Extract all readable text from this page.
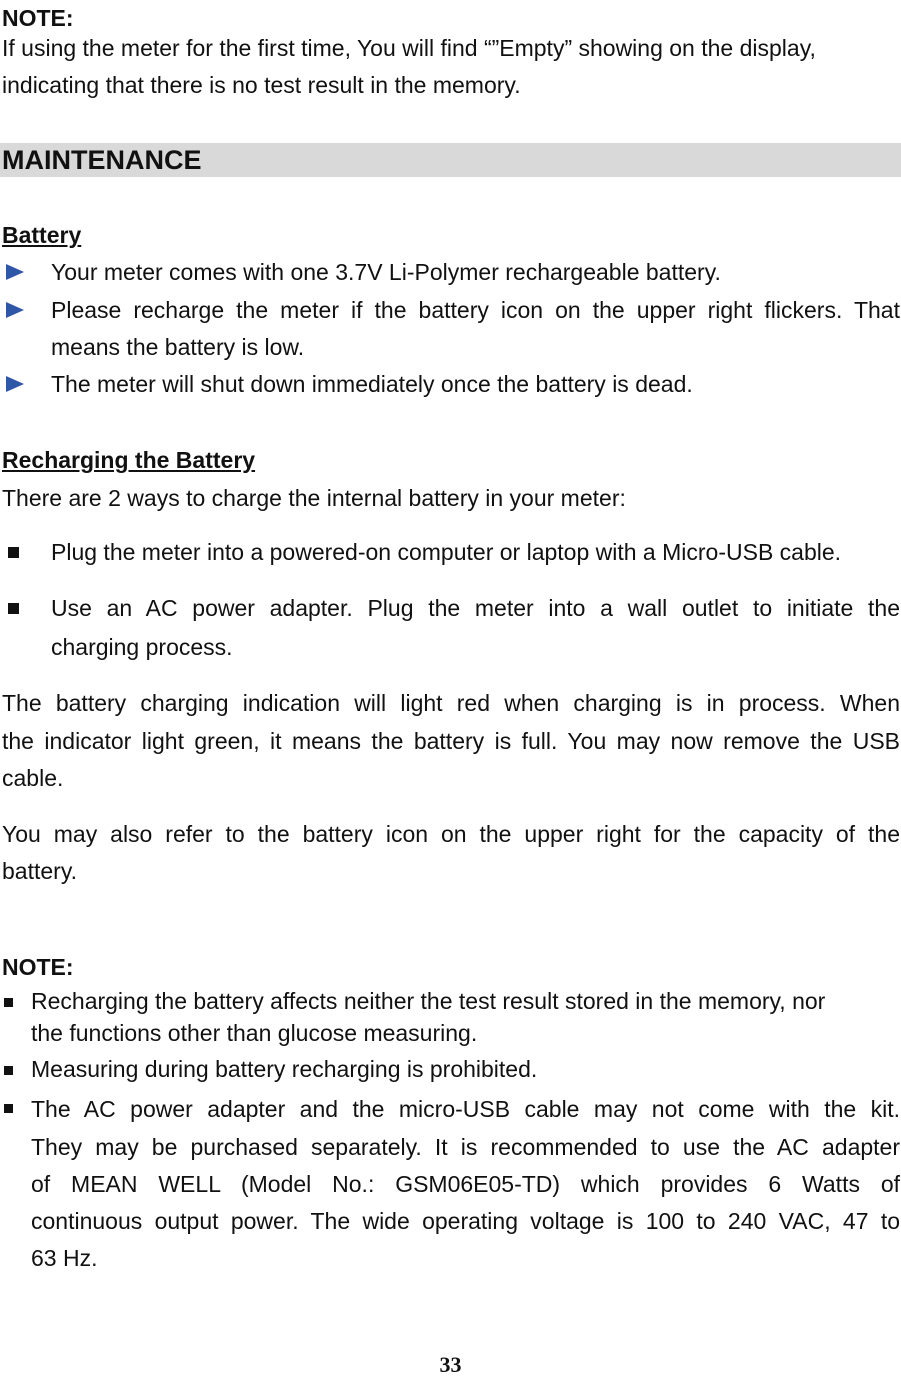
NOTE:
If using the meter for the first time, You will find “”Empty” showing on the display,
indicating that there is no test result in the memory.
MAINTENANCE
Battery
Your meter comes with one 3.7V Li-Polymer rechargeable battery.
Please recharge the meter if the battery icon on the upper right flickers. That
means the battery is low.
The meter will shut down immediately once the battery is dead.
Recharging the Battery
There are 2 ways to charge the internal battery in your meter:
Plug the meter into a powered-on computer or laptop with a Micro-USB cable.
Use an AC power adapter. Plug the meter into a wall outlet to initiate the
charging process.
The battery charging indication will light red when charging is in process. When
the indicator light green, it means the battery is full. You may now remove the USB
cable.
You may also refer to the battery icon on the upper right for the capacity of the
battery.
NOTE:
Recharging the battery affects neither the test result stored in the memory, nor
the functions other than glucose measuring.
Measuring during battery recharging is prohibited.
The AC power adapter and the micro-USB cable may not come with the kit.
They may be purchased separately. It is recommended to use the AC adapter
of MEAN WELL (Model No.: GSM06E05-TD) which provides 6 Watts of
continuous output power. The wide operating voltage is 100 to 240 VAC, 47 to
63 Hz.
33
